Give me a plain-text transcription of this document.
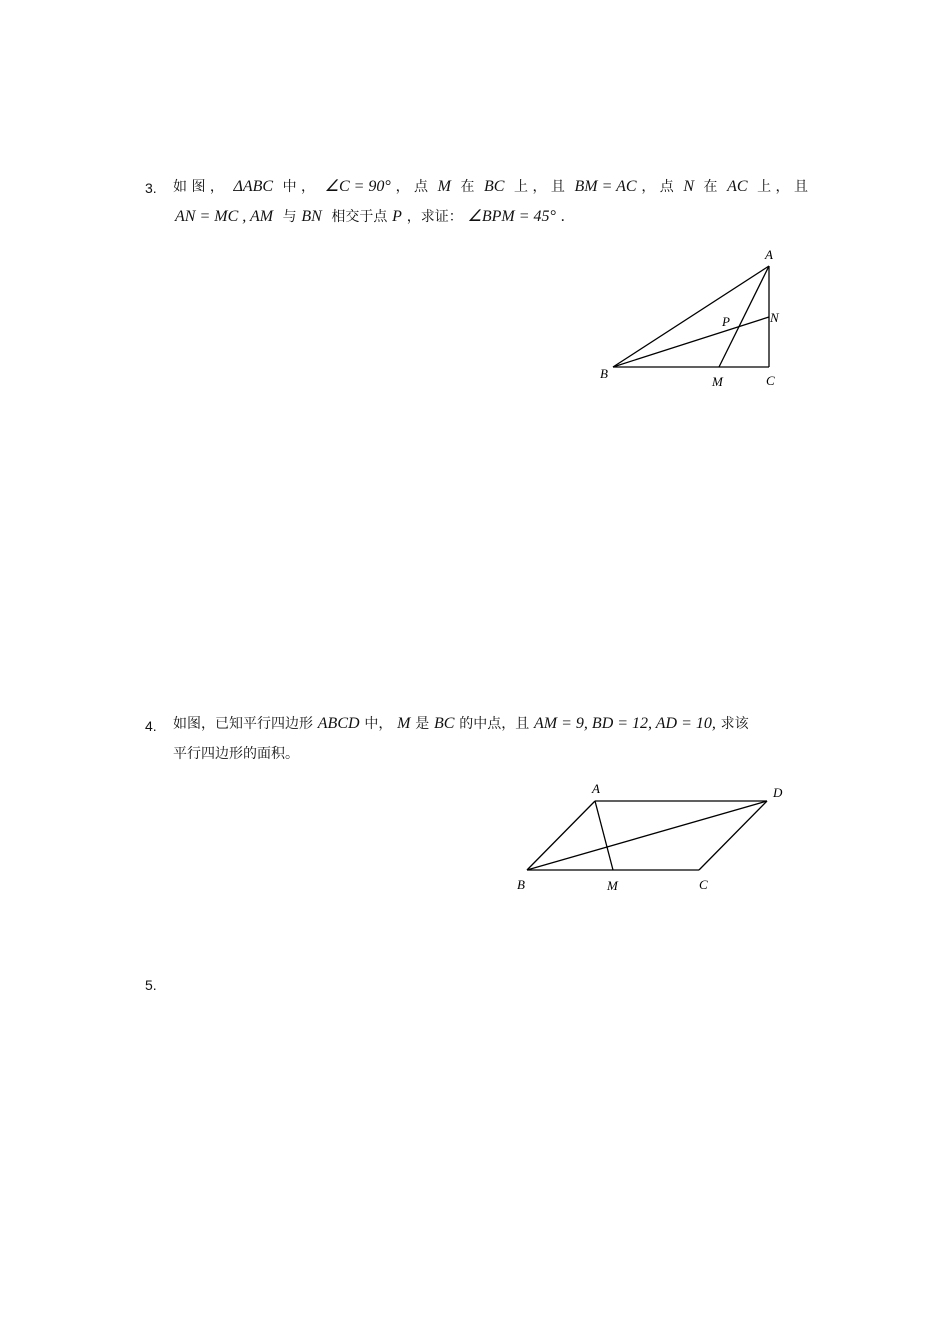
3. 如 图 ， ΔABC 中 ， ∠C = 90° ， 点 M 在 BC 上 ， 且 BM = AC ， 点 N 在 AC 上 ， 且
AN = MC , AM 与 BN 相交于点 P ，求证： ∠BPM = 45° .
A
B	C
M
N
P
4. 如图，已知平行四边形 ABCD 中， M 是 BC 的中点，且 AM = 9, BD = 12, AD = 10, 求该
平行四边形的面积。
A
B	C
D
M
5.
